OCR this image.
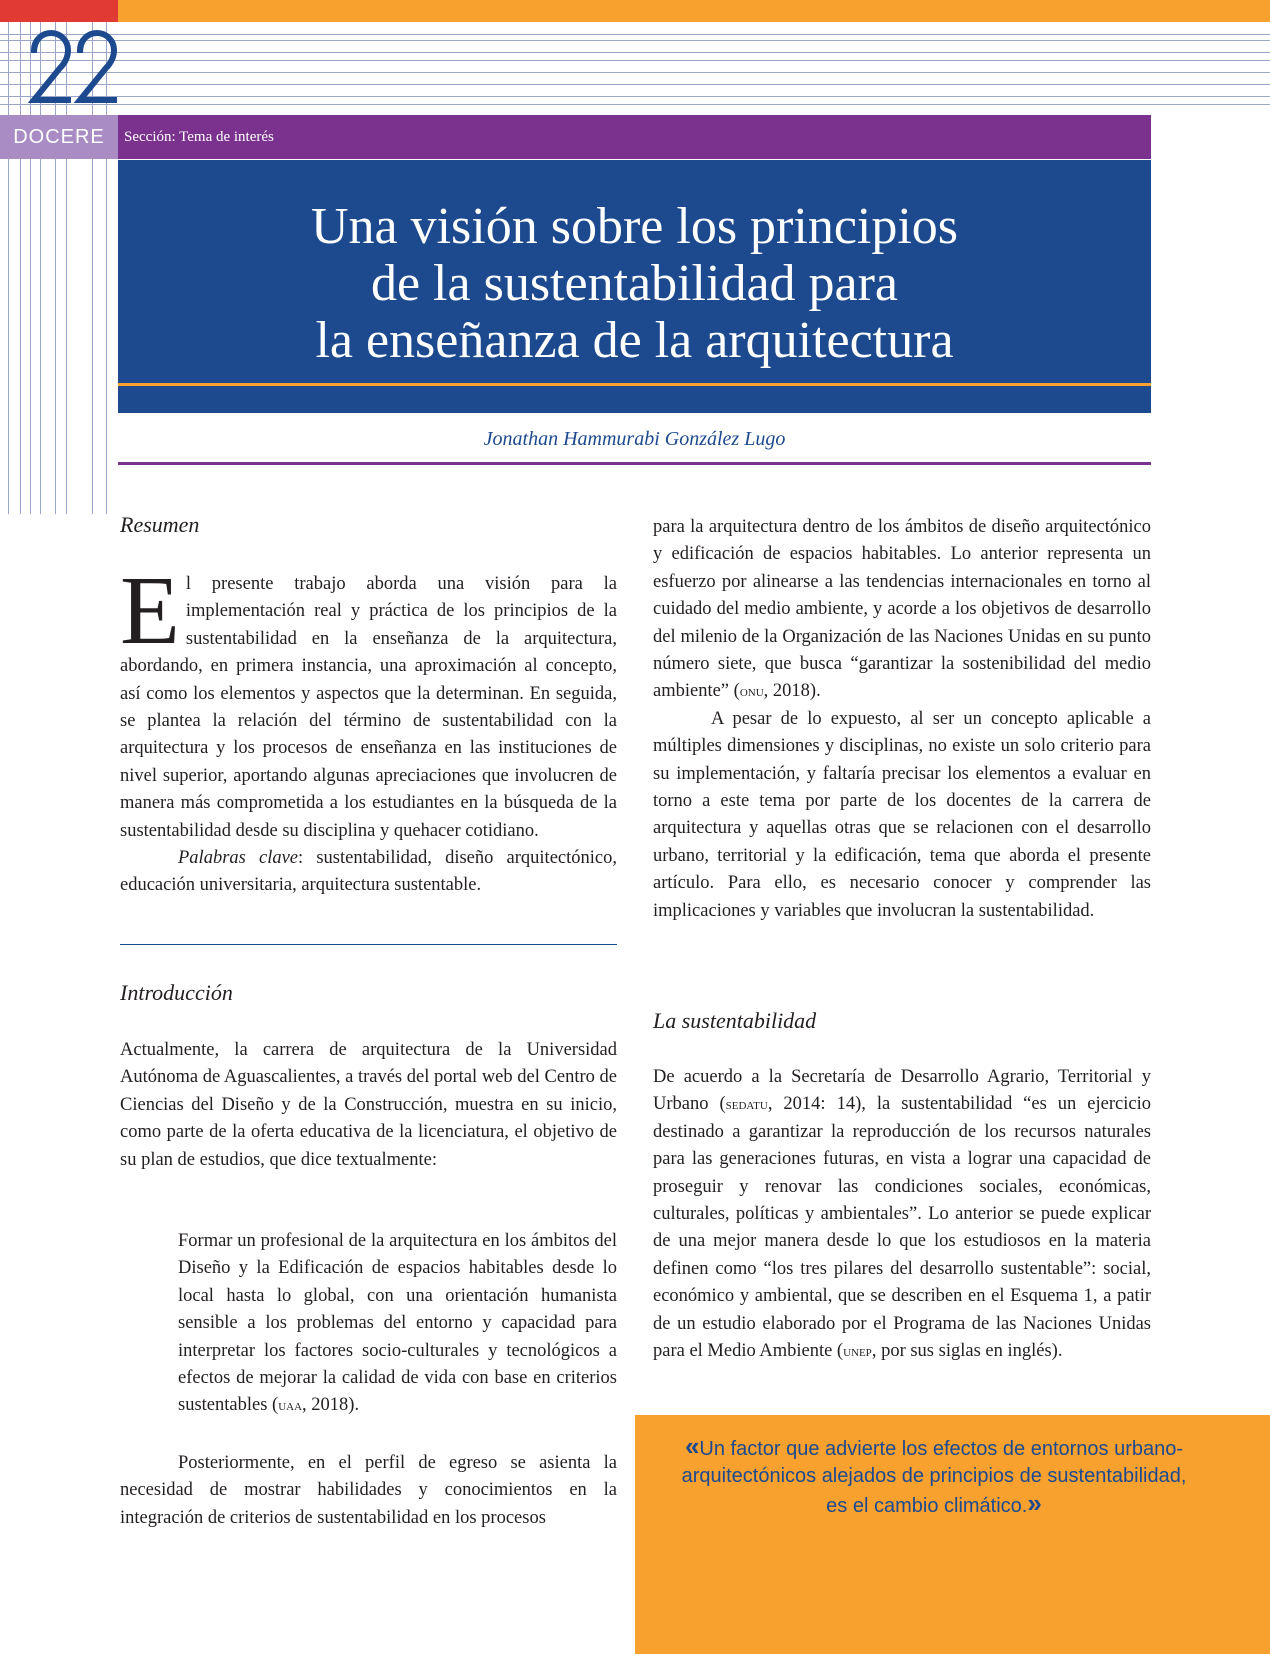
DOCERE	Sección: Tema de interés
Una visión sobre los principios
de la sustentabilidad para
la enseñanza de la arquitectura
Jonathan Hammurabi González Lugo
Resumen

El presente trabajo aborda una visión para la implementación real y práctica de los principios de la sustentabilidad en la enseñanza de la arquitectura, abordando, en primera instancia, una aproximación al concepto, así como los elementos y aspectos que la determinan. En seguida, se plantea la relación del término de sustentabilidad con la arquitectura y los procesos de enseñanza en las instituciones de nivel superior, aportando algunas apreciaciones que involucren de manera más comprometida a los estudiantes en la búsqueda de la sustentabilidad desde su disciplina y quehacer cotidiano.

Palabras clave: sustentabilidad, diseño arquitectónico, educación universitaria, arquitectura sustentable.

Introducción

Actualmente, la carrera de arquitectura de la Universidad Autónoma de Aguascalientes, a través del portal web del Centro de Ciencias del Diseño y de la Construcción, muestra en su inicio, como parte de la oferta educativa de la licenciatura, el objetivo de su plan de estudios, que dice textualmente:

Formar un profesional de la arquitectura en los ámbitos del Diseño y la Edificación de espacios habitables desde lo local hasta lo global, con una orientación humanista sensible a los problemas del entorno y capacidad para interpretar los factores socio-culturales y tecnológicos a efectos de mejorar la calidad de vida con base en criterios sustentables (uaa, 2018).

Posteriormente, en el perfil de egreso se asienta la necesidad de mostrar habilidades y conocimientos en la integración de criterios de sustentabilidad en los procesos

para la arquitectura dentro de los ámbitos de diseño arquitectónico y edificación de espacios habitables. Lo anterior representa un esfuerzo por alinearse a las tendencias internacionales en torno al cuidado del medio ambiente, y acorde a los objetivos de desarrollo del milenio de la Organización de las Naciones Unidas en su punto número siete, que busca “garantizar la sostenibilidad del medio ambiente” (onu, 2018).

A pesar de lo expuesto, al ser un concepto aplicable a múltiples dimensiones y disciplinas, no existe un solo criterio para su implementación, y faltaría precisar los elementos a evaluar en torno a este tema por parte de los docentes de la carrera de arquitectura y aquellas otras que se relacionen con el desarrollo urbano, territorial y la edificación, tema que aborda el presente artículo. Para ello, es necesario conocer y comprender las implicaciones y variables que involucran la sustentabilidad.

La sustentabilidad

De acuerdo a la Secretaría de Desarrollo Agrario, Territorial y Urbano (sedatu, 2014: 14), la sustentabilidad “es un ejercicio destinado a garantizar la reproducción de los recursos naturales para las generaciones futuras, en vista a lograr una capacidad de proseguir y renovar las condiciones sociales, económicas, culturales, políticas y ambientales”. Lo anterior se puede explicar de una mejor manera desde lo que los estudiosos en la materia definen como “los tres pilares del desarrollo sustentable”: social, económico y ambiental, que se describen en el Esquema 1, a patir de un estudio elaborado por el Programa de las Naciones Unidas para el Medio Ambiente (unep, por sus siglas en inglés).

«Un factor que advierte los efectos de entornos urbano-arquitectónicos alejados de principios de sustentabilidad, es el cambio climático.»
